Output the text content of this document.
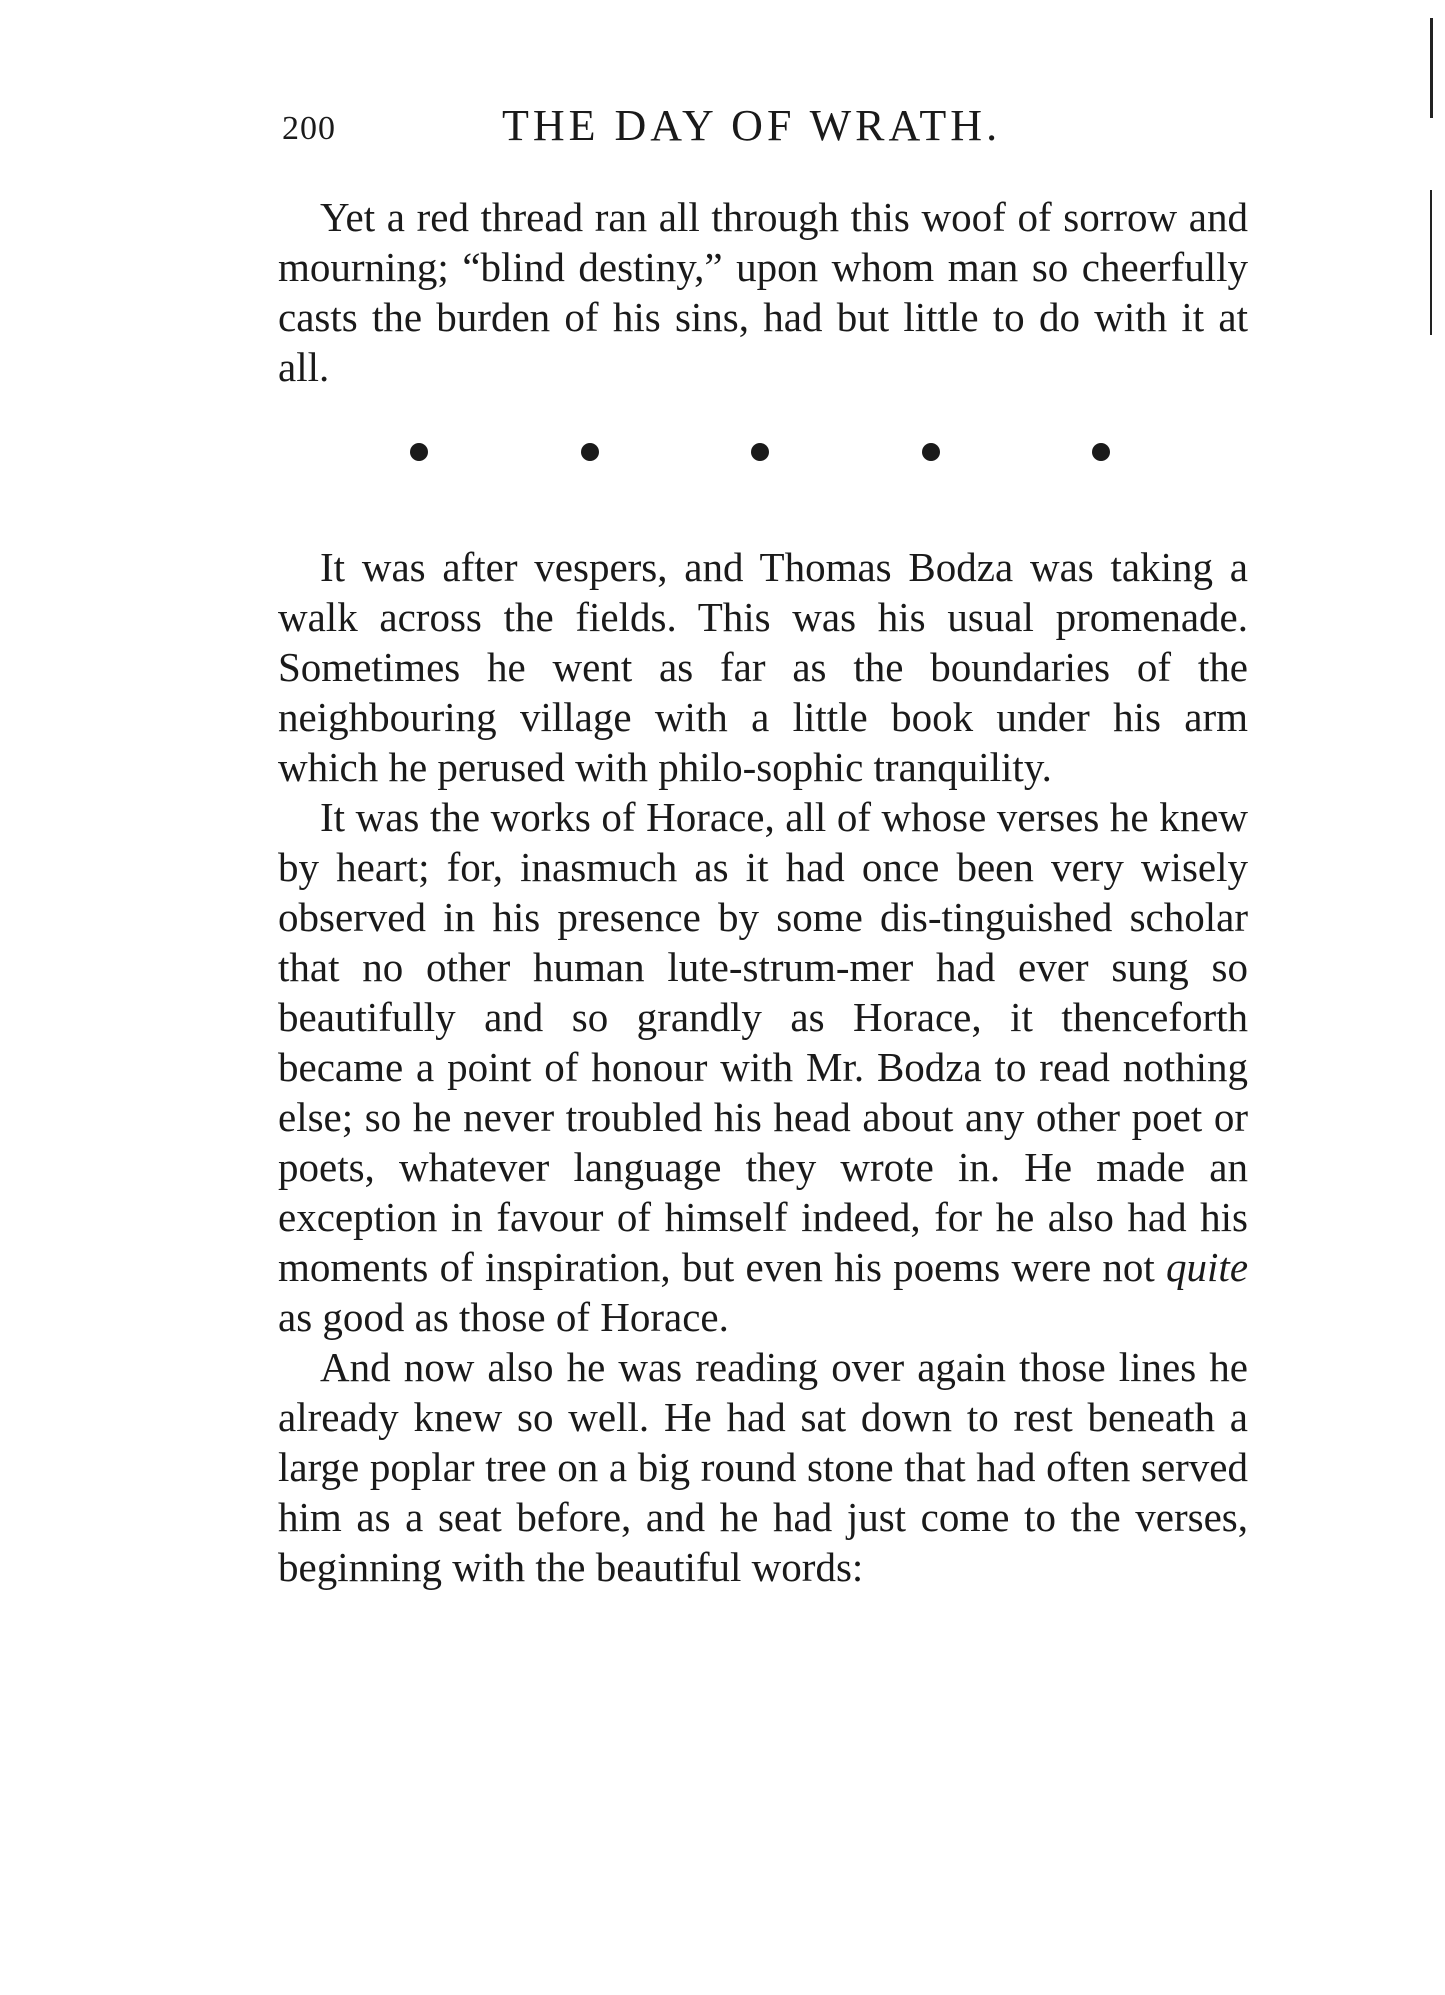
200	THE DAY OF WRATH.

Yet a red thread ran all through this woof of sorrow and mourning; “blind destiny,” upon whom man so cheerfully casts the burden of his sins, had but little to do with it at all.

It was after vespers, and Thomas Bodza was taking a walk across the fields. This was his usual promenade. Sometimes he went as far as the boundaries of the neighbouring village with a little book under his arm which he perused with philo-sophic tranquility.

It was the works of Horace, all of whose verses he knew by heart; for, inasmuch as it had once been very wisely observed in his presence by some dis-tinguished scholar that no other human lute-strum-mer had ever sung so beautifully and so grandly as Horace, it thenceforth became a point of honour with Mr. Bodza to read nothing else; so he never troubled his head about any other poet or poets, whatever language they wrote in. He made an exception in favour of himself indeed, for he also had his moments of inspiration, but even his poems were not quite as good as those of Horace.

And now also he was reading over again those lines he already knew so well. He had sat down to rest beneath a large poplar tree on a big round stone that had often served him as a seat before, and he had just come to the verses, beginning with the beautiful words:
